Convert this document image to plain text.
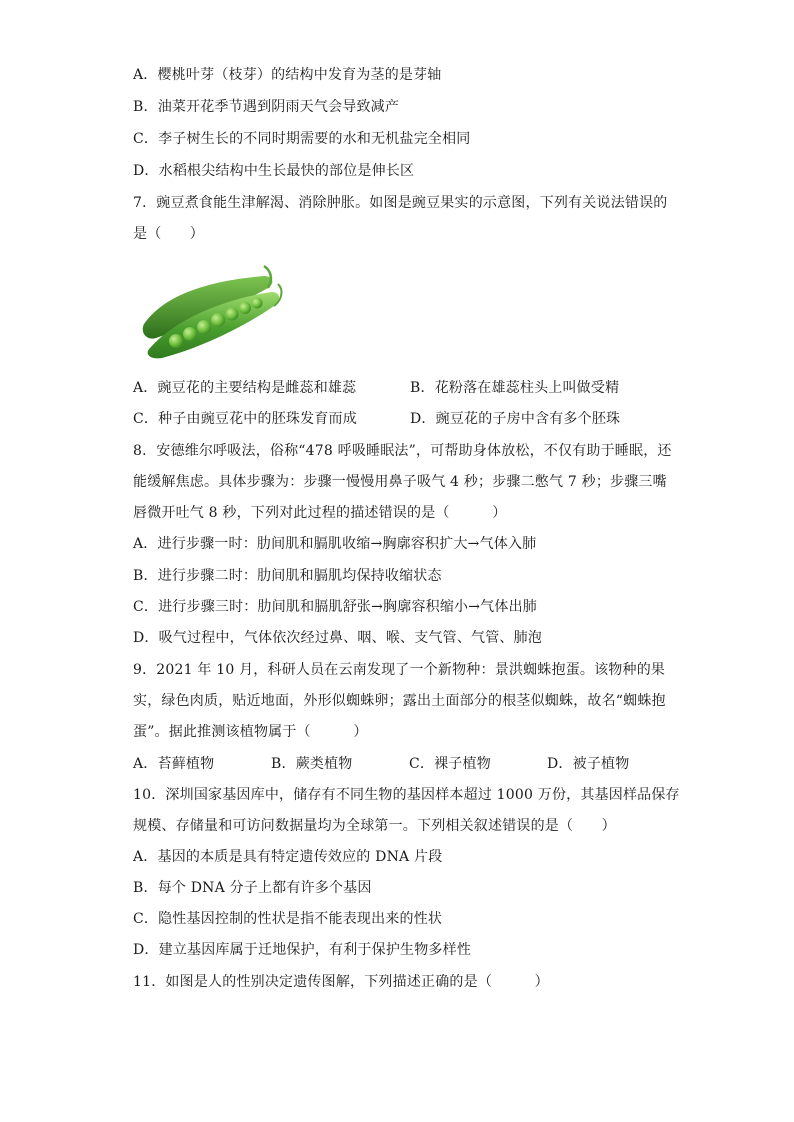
A．樱桃叶芽（枝芽）的结构中发育为茎的是芽轴
B．油菜开花季节遇到阴雨天气会导致减产
C．李子树生长的不同时期需要的水和无机盐完全相同
D．水稻根尖结构中生长最快的部位是伸长区
7．豌豆煮食能生津解渴、消除肿胀。如图是豌豆果实的示意图，下列有关说法错误的
是（　　）
A．豌豆花的主要结构是雌蕊和雄蕊	B．花粉落在雄蕊柱头上叫做受精
C．种子由豌豆花中的胚珠发育而成	D．豌豆花的子房中含有多个胚珠
8．安德维尔呼吸法，俗称“478 呼吸睡眠法”，可帮助身体放松，不仅有助于睡眠，还
能缓解焦虑。具体步骤为：步骤一慢慢用鼻子吸气 4 秒；步骤二憋气 7 秒；步骤三嘴
唇微开吐气 8 秒，下列对此过程的描述错误的是（　　　）
A．进行步骤一时：肋间肌和膈肌收缩→胸廓容积扩大→气体入肺
B．进行步骤二时：肋间肌和膈肌均保持收缩状态
C．进行步骤三时：肋间肌和膈肌舒张→胸廓容积缩小→气体出肺
D．吸气过程中，气体依次经过鼻、咽、喉、支气管、气管、肺泡
9．2021 年 10 月，科研人员在云南发现了一个新物种：景洪蜘蛛抱蛋。该物种的果
实，绿色肉质，贴近地面，外形似蜘蛛卵；露出土面部分的根茎似蜘蛛，故名“蜘蛛抱
蛋”。据此推测该植物属于（　　　）
A．苔藓植物	B．蕨类植物	C．裸子植物	D．被子植物
10．深圳国家基因库中，储存有不同生物的基因样本超过 1000 万份，其基因样品保存
规模、存储量和可访问数据量均为全球第一。下列相关叙述错误的是（　　）
A．基因的本质是具有特定遗传效应的 DNA 片段
B．每个 DNA 分子上都有许多个基因
C．隐性基因控制的性状是指不能表现出来的性状
D．建立基因库属于迁地保护，有利于保护生物多样性
11．如图是人的性别决定遗传图解，下列描述正确的是（　　　）
